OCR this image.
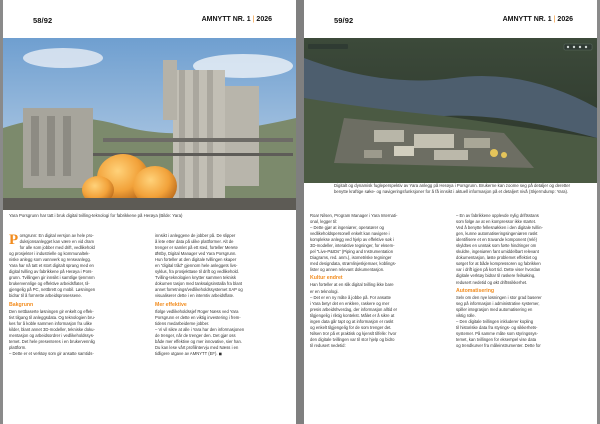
58/92	AMNYTT NR. 1 | 2026
Yara Porsgrunn har tatt i bruk digital tvilling-teknologi for fabrikkene på Herøya (Bilde: Yara)
P orsgrunn: En digital versjon av hele pro-

duksjonsanlegget kan være en vid dram

for alle som jobber med drift, vedlikehold

og prosjekter i industrielle og kommunaltek-

niske anlegg som vannverk og renseanlegg.

Yara har nå tatt et stort digitalt sprang med en

digital tvilling av fabrikkene på Herøya i Pors-

grunn. Tvillingen gir innsikt i samtlige tjenmnm

brukervennlige og effektive arbeidsflater, til-

gjengelig på PC, nettbrett og mobil. Løsningen

bidrar til å fornrette arbeidsprosessene.

Bakgrunn

Den nettbaserte løsningen gir enkelt og effek-

tivt tilgang til anleggsdata. Og teknologien bru-

kes for å koble sammen informasjon fra ulike

kilder, blant annet 3D-modeller, tekniske doku-

mentasjon og arbeidsordrer i vedlikeholdssys-

temet. Det hele presenteres i en brukervennlig

plattform.

– Dette er et verktøy som gir ansatte samtids-

innsikt i anleggene de jobber på. De slipper

å lete etter data på ulike plattformer. Alt de

trenger er samlet på ett sted, forteller Merete

Østby, Digital Manager ved Yara Porsgrunn.

Hun forteller at den digitale tvillingen skaper

en "digital tråd" gjennom hele anleggets livs-

syklus, fra prosjekttase til drift og vedlikehold.

Tvilling-teknologien knytter sammen teknisk

dokumen tasjon med tanksalgsinstalla fra blant

annet forretnings/vedlikeholdssystemet SAP og

visualiserer dette i en intemtiv arbeidsflate.

Mer effektive

Ifølge vedlikeholdssjef Roger Næss ved Yara

Porsgrunn er dette en viktig investering i frem-

tidens medarbeiderne jobber.

– Vi vil sikre at alle i Yara har den informasjonen

de trenger, når de trenger den. Det gjør oss

både mer effektive og mer innovative, sier han.

Du kan lese vårt profilintervju med Næss i en

tidligere utgave av AMNYTT (EF). ◼

59/92	AMNYTT NR. 1 | 2026
Digitalt og dynamisk fugleperspektiv av Yara anlegg på Herøya i Porsgrunn. Brukerne kan zoome seg på detaljer og deretter benytte kraftige søke- og navigeringsfunksjoner for å få innsikt i aktuell informasjon på et detaljert nivå (Skjermdump: Yara).

Roar Nilsen, Program Manager i Yara Internati-

onal, legger til:

– Dette gjør at ingeniører, operatører og

vedlikeholdspersonell enkelt kan navigere i

komplekse anlegg ved hjelp av effektive søk i

3D-modeller, interaktive tegninger, for eksem-

pel "Live-P&IDs" (Piping and Instrumentation

Diagrams, red. anm.), isometriske tegninger

med designdata, strømlinjeskjemaer, koblings-

lister og annen relevant dokumentasjon.

Kultur endret

Han forteller at en slik digital tvilling ikke bare

er en teknologi.

– Det er en ny måte å jobbe på. For ansatte

i Yara betyr det en enklere, raskere og mer

presis arbeidshverdag, der informasjon alltid er

tilgjengelig i riktig kontekst. Målet er å sikre at

ingen data går tapt og at informasjon er raskt

og enkelt tilgjengelig for de som trenger det.

Nilsen tror på et praktisk og kjenslt tilfelle: hvor

den digitale tvillingen var til stor hjelp og bidro

til redusert nedetid:

– En av fabrikkene opplevde nylig driftsstans

som følge av at en kompressor ikke startet.

Ved å benytte fellesnøkken i den digitale tvillin-

gen, kunne automatiseringsingeniøren raskt

identifisere et en travande komponent (relé)

skyldtes en unntak som førte hindringer om

skuldre, ingeniøren fant umiddelbart relevant

dokumentasjon, løste problemet effektivt og

sørget for at både kompressoren og fabrikken

var i drift igjen på kort tid. Dette viser hvordan

digitale verktøy bidrar til raskere feilsøking,

redusert nedetid og økt driftssikkerhet.

Automatisering

Selv om den nye løsningen i stor grad baserer

seg på informasjon i administrative systemer,

spiller integrasjon med automatisering en

viktig rolle.

– Den digitale tvillingen inkluderer kopling

til historiske data fra styrings- og sikkerhets-

systemer. På samme måte som styringssys-

temet, kan tvillingen for eksempel vise data

og trendkurver fra måleinstrumenter. Dette for
